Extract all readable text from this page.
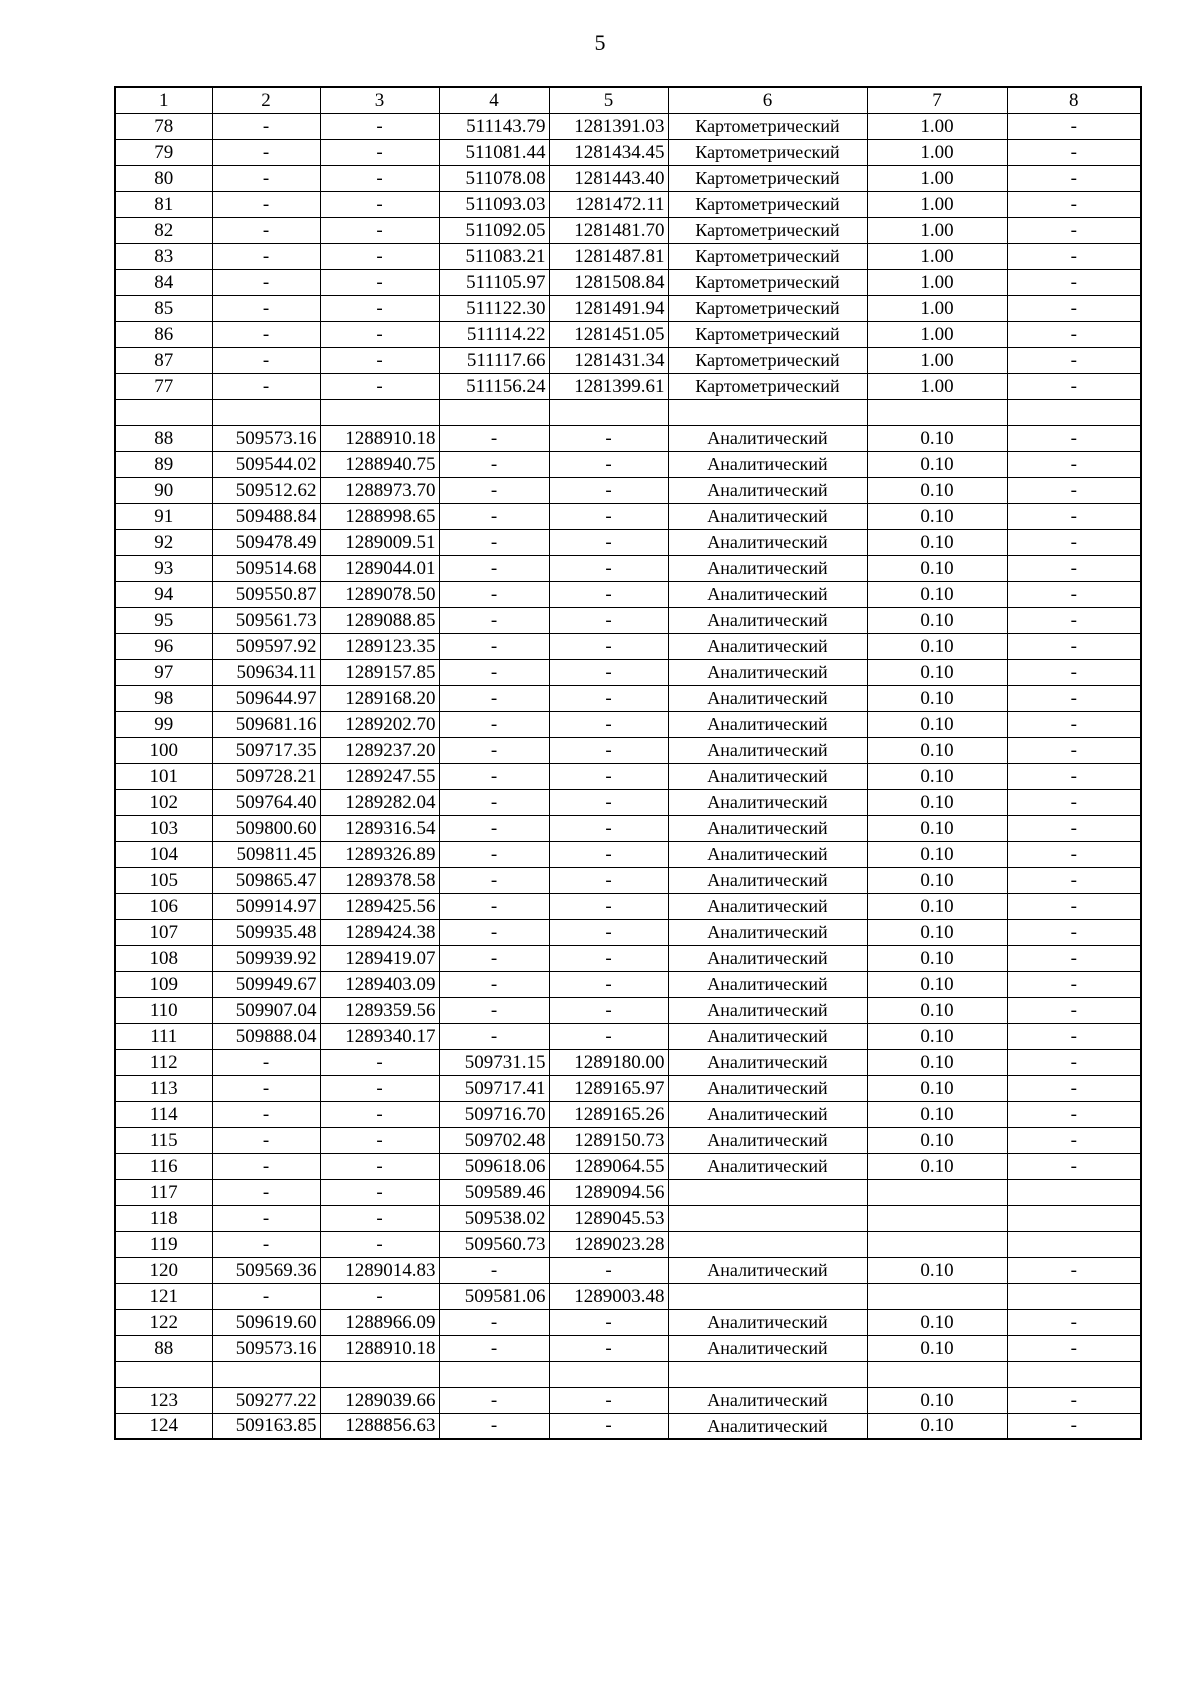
5
1	2	3	4	5	6	7	8
78	-	-	511143.79	1281391.03	Картометрический	1.00	-
79	-	-	511081.44	1281434.45	Картометрический	1.00	-
80	-	-	511078.08	1281443.40	Картометрический	1.00	-
81	-	-	511093.03	1281472.11	Картометрический	1.00	-
82	-	-	511092.05	1281481.70	Картометрический	1.00	-
83	-	-	511083.21	1281487.81	Картометрический	1.00	-
84	-	-	511105.97	1281508.84	Картометрический	1.00	-
85	-	-	511122.30	1281491.94	Картометрический	1.00	-
86	-	-	511114.22	1281451.05	Картометрический	1.00	-
87	-	-	511117.66	1281431.34	Картометрический	1.00	-
77	-	-	511156.24	1281399.61	Картометрический	1.00	-

88	509573.16	1288910.18	-	-	Аналитический	0.10	-
89	509544.02	1288940.75	-	-	Аналитический	0.10	-
90	509512.62	1288973.70	-	-	Аналитический	0.10	-
91	509488.84	1288998.65	-	-	Аналитический	0.10	-
92	509478.49	1289009.51	-	-	Аналитический	0.10	-
93	509514.68	1289044.01	-	-	Аналитический	0.10	-
94	509550.87	1289078.50	-	-	Аналитический	0.10	-
95	509561.73	1289088.85	-	-	Аналитический	0.10	-
96	509597.92	1289123.35	-	-	Аналитический	0.10	-
97	509634.11	1289157.85	-	-	Аналитический	0.10	-
98	509644.97	1289168.20	-	-	Аналитический	0.10	-
99	509681.16	1289202.70	-	-	Аналитический	0.10	-
100	509717.35	1289237.20	-	-	Аналитический	0.10	-
101	509728.21	1289247.55	-	-	Аналитический	0.10	-
102	509764.40	1289282.04	-	-	Аналитический	0.10	-
103	509800.60	1289316.54	-	-	Аналитический	0.10	-
104	509811.45	1289326.89	-	-	Аналитический	0.10	-
105	509865.47	1289378.58	-	-	Аналитический	0.10	-
106	509914.97	1289425.56	-	-	Аналитический	0.10	-
107	509935.48	1289424.38	-	-	Аналитический	0.10	-
108	509939.92	1289419.07	-	-	Аналитический	0.10	-
109	509949.67	1289403.09	-	-	Аналитический	0.10	-
110	509907.04	1289359.56	-	-	Аналитический	0.10	-
111	509888.04	1289340.17	-	-	Аналитический	0.10	-
112	-	-	509731.15	1289180.00	Аналитический	0.10	-
113	-	-	509717.41	1289165.97	Аналитический	0.10	-
114	-	-	509716.70	1289165.26	Аналитический	0.10	-
115	-	-	509702.48	1289150.73	Аналитический	0.10	-
116	-	-	509618.06	1289064.55	Аналитический	0.10	-
117	-	-	509589.46	1289094.56			
118	-	-	509538.02	1289045.53			
119	-	-	509560.73	1289023.28			
120	509569.36	1289014.83	-	-	Аналитический	0.10	-
121	-	-	509581.06	1289003.48			
122	509619.60	1288966.09	-	-	Аналитический	0.10	-
88	509573.16	1288910.18	-	-	Аналитический	0.10	-

123	509277.22	1289039.66	-	-	Аналитический	0.10	-
124	509163.85	1288856.63	-	-	Аналитический	0.10	-
